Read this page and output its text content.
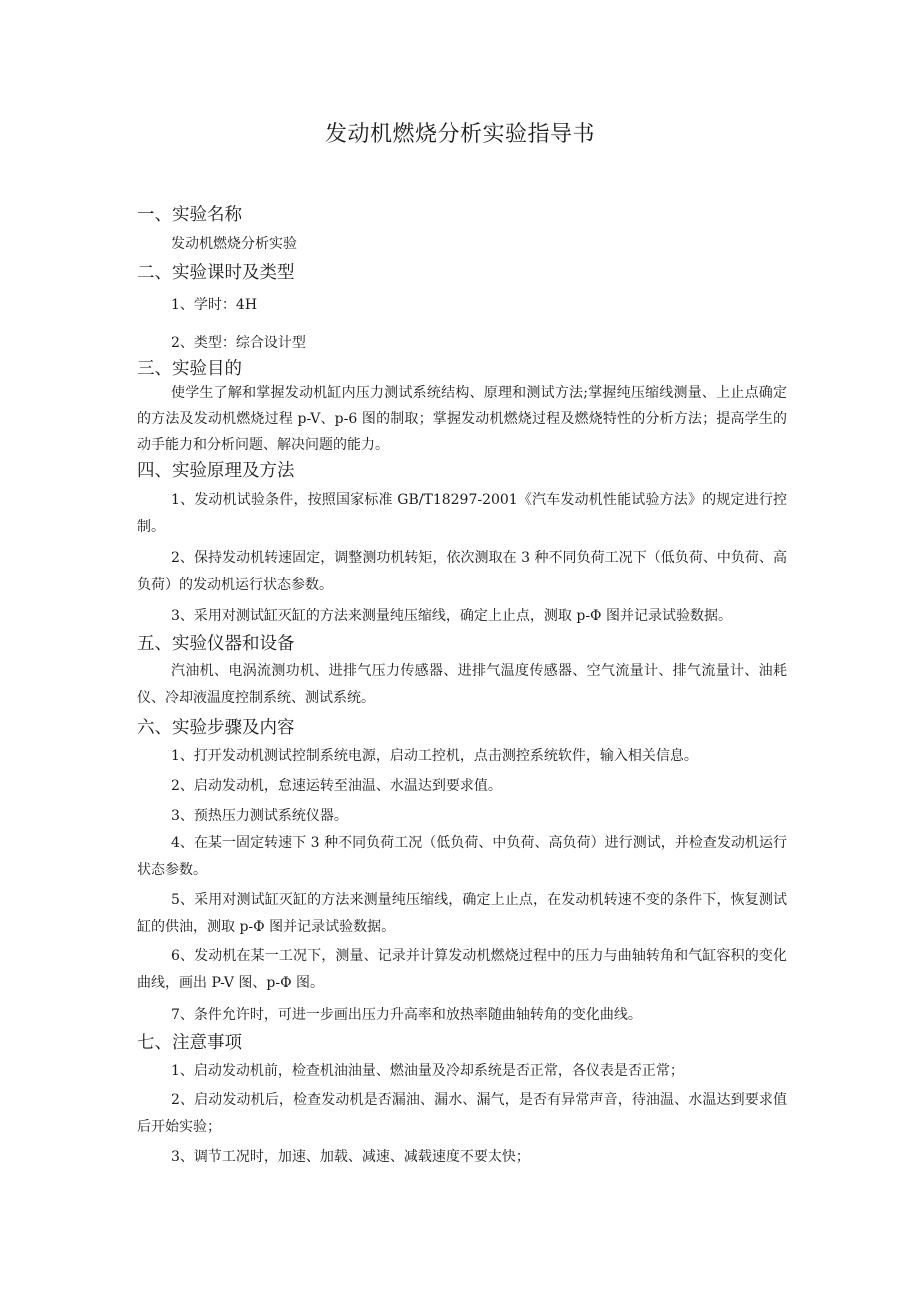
发动机燃烧分析实验指导书
一、实验名称
发动机燃烧分析实验
二、实验课时及类型
1、学时：4H
2、类型：综合设计型
三、实验目的
使学生了解和掌握发动机缸内压力测试系统结构、原理和测试方法;掌握纯压缩线测量、上止点确定的方法及发动机燃烧过程 p-V、p-6 图的制取；掌握发动机燃烧过程及燃烧特性的分析方法；提高学生的动手能力和分析问题、解决问题的能力。
四、实验原理及方法
1、发动机试验条件，按照国家标准 GB/T18297-2001《汽车发动机性能试验方法》的规定进行控制。
2、保持发动机转速固定，调整测功机转矩，依次测取在 3 种不同负荷工况下（低负荷、中负荷、高负荷）的发动机运行状态参数。
3、采用对测试缸灭缸的方法来测量纯压缩线，确定上止点，测取 p-Φ 图并记录试验数据。
五、实验仪器和设备
汽油机、电涡流测功机、进排气压力传感器、进排气温度传感器、空气流量计、排气流量计、油耗仪、冷却液温度控制系统、测试系统。
六、实验步骤及内容
1、打开发动机测试控制系统电源，启动工控机，点击测控系统软件，输入相关信息。
2、启动发动机，怠速运转至油温、水温达到要求值。
3、预热压力测试系统仪器。
4、在某一固定转速下 3 种不同负荷工况（低负荷、中负荷、高负荷）进行测试，并检查发动机运行状态参数。
5、采用对测试缸灭缸的方法来测量纯压缩线，确定上止点，在发动机转速不变的条件下，恢复测试缸的供油，测取 p-Φ 图并记录试验数据。
6、发动机在某一工况下，测量、记录并计算发动机燃烧过程中的压力与曲轴转角和气缸容积的变化曲线，画出 P-V 图、p-Φ 图。
7、条件允许时，可进一步画出压力升高率和放热率随曲轴转角的变化曲线。
七、注意事项
1、启动发动机前，检查机油油量、燃油量及冷却系统是否正常，各仪表是否正常；
2、启动发动机后，检查发动机是否漏油、漏水、漏气，是否有异常声音，待油温、水温达到要求值后开始实验；
3、调节工况时，加速、加载、减速、减载速度不要太快；
